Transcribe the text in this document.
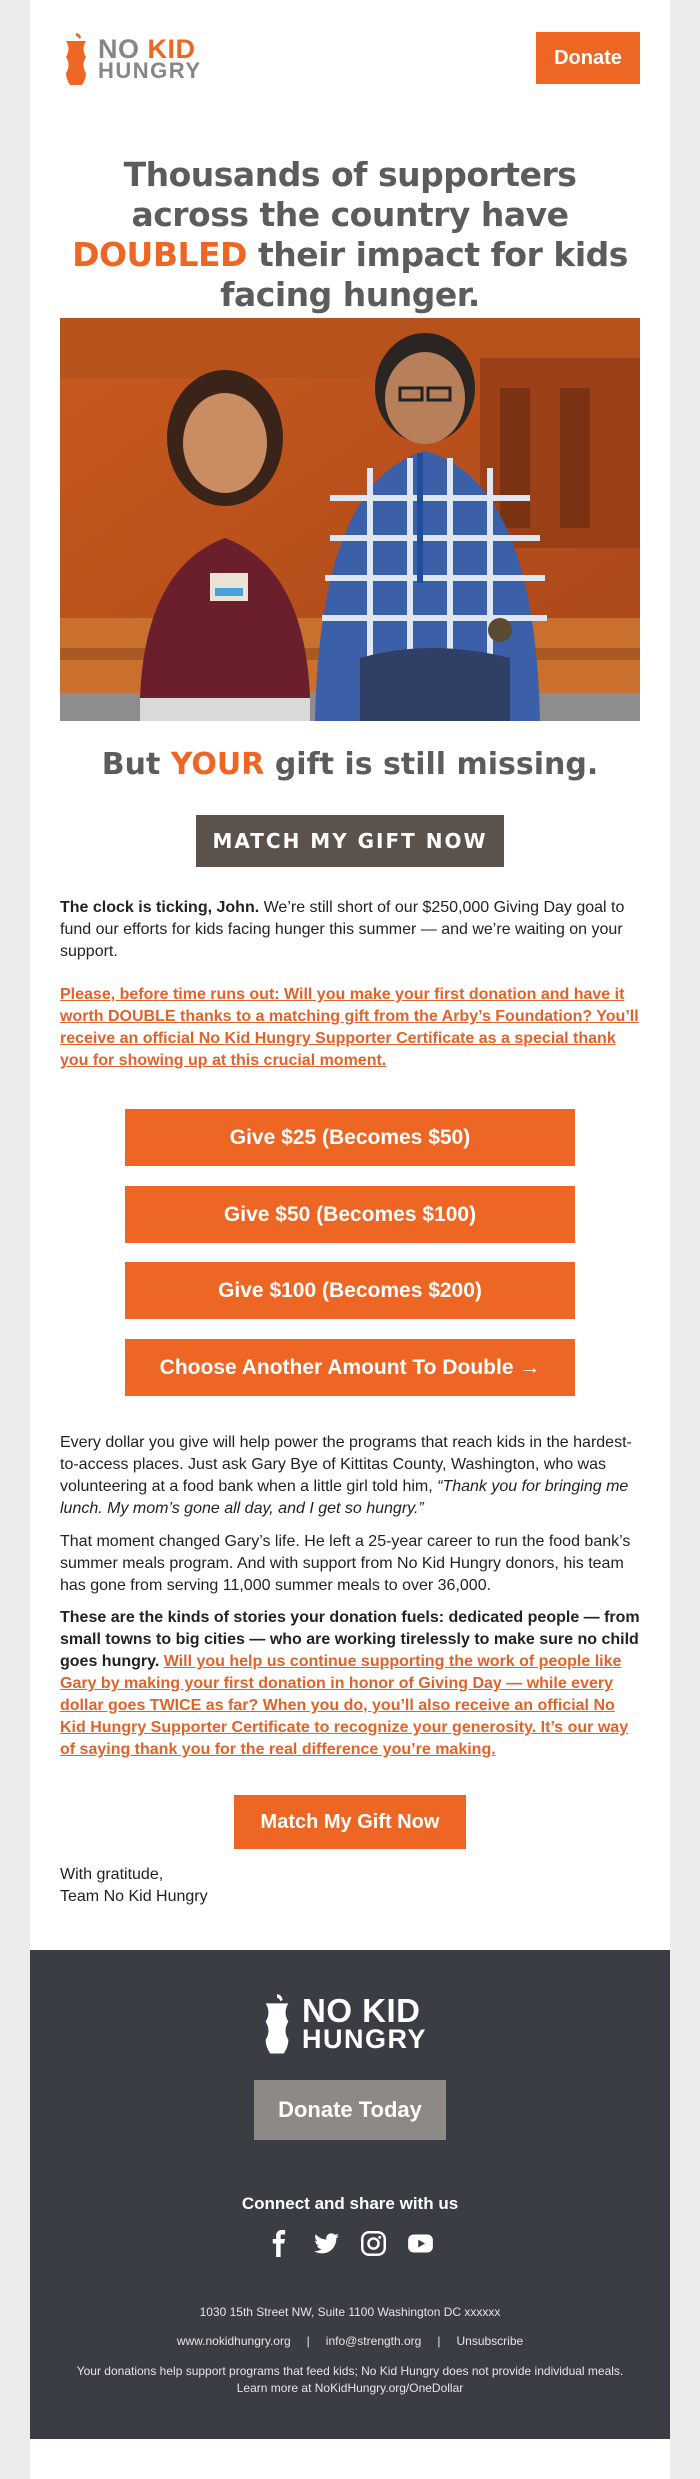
NO KID
HUNGRY	Donate
Thousands of supporters across the country have DOUBLED their impact for kids facing hunger.
But YOUR gift is still missing.
MATCH MY GIFT NOW
The clock is ticking, John. We’re still short of our $250,000 Giving Day goal to fund our efforts for kids facing hunger this summer — and we’re waiting on your support.
Please, before time runs out: Will you make your first donation and have it worth DOUBLE thanks to a matching gift from the Arby’s Foundation? You’ll receive an official No Kid Hungry Supporter Certificate as a special thank you for showing up at this crucial moment.
Give $25 (Becomes $50)
Give $50 (Becomes $100)
Give $100 (Becomes $200)
Choose Another Amount To Double →
Every dollar you give will help power the programs that reach kids in the hardest-to-access places. Just ask Gary Bye of Kittitas County, Washington, who was volunteering at a food bank when a little girl told him, “Thank you for bringing me lunch. My mom’s gone all day, and I get so hungry.”
That moment changed Gary’s life. He left a 25-year career to run the food bank’s summer meals program. And with support from No Kid Hungry donors, his team has gone from serving 11,000 summer meals to over 36,000.
These are the kinds of stories your donation fuels: dedicated people — from small towns to big cities — who are working tirelessly to make sure no child goes hungry. Will you help us continue supporting the work of people like Gary by making your first donation in honor of Giving Day — while every dollar goes TWICE as far? When you do, you’ll also receive an official No Kid Hungry Supporter Certificate to recognize your generosity. It’s our way of saying thank you for the real difference you’re making.
Match My Gift Now
With gratitude,
Team No Kid Hungry
NO KID
HUNGRY
Donate Today
Connect and share with us
1030 15th Street NW, Suite 1100 Washington DC xxxxxx
www.nokidhungry.org | info@strength.org | Unsubscribe
Your donations help support programs that feed kids; No Kid Hungry does not provide individual meals. Learn more at NoKidHungry.org/OneDollar
